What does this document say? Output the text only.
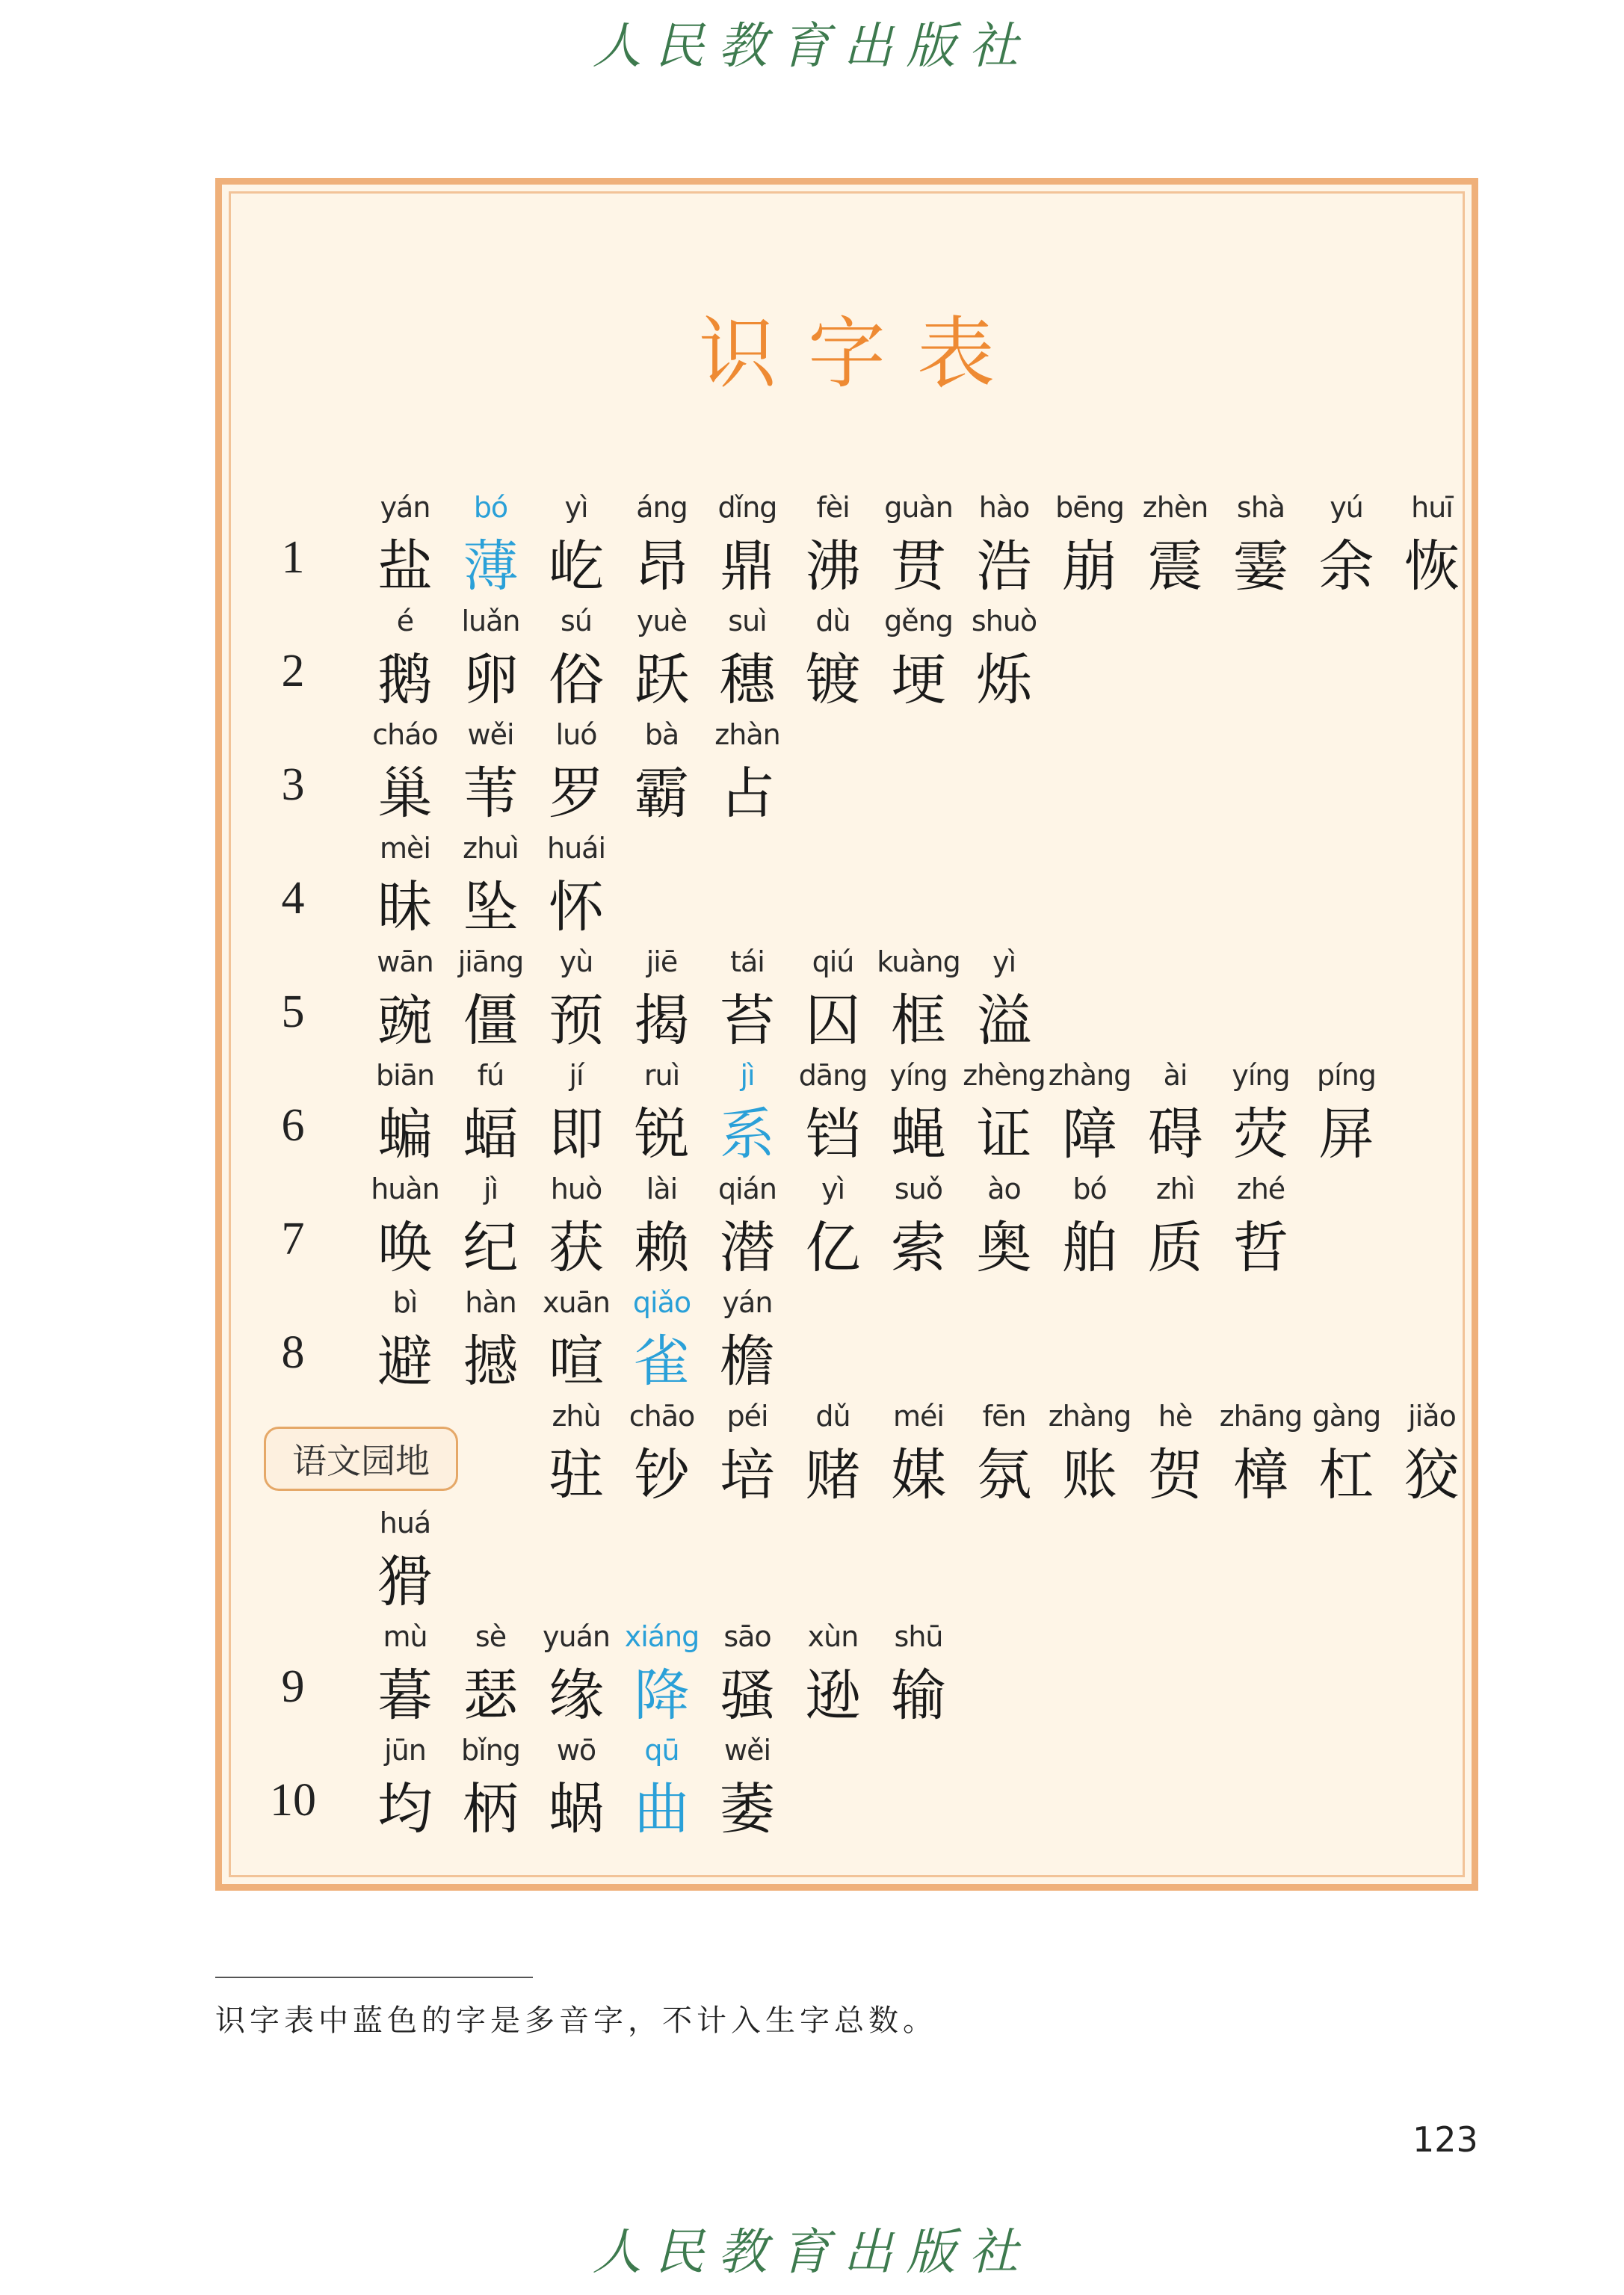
人民教育出版社
识字表
1
yán
盐
bó
薄
yì
屹
áng
昂
dǐng
鼎
fèi
沸
guàn
贯
hào
浩
bēng
崩
zhèn
震
shà
霎
yú
余
huī
恢
2
é
鹅
luǎn
卵
sú
俗
yuè
跃
suì
穗
dù
镀
gěng
埂
shuò
烁
3
cháo
巢
wěi
苇
luó
罗
bà
霸
zhàn
占
4
mèi
昧
zhuì
坠
huái
怀
5
wān
豌
jiāng
僵
yù
预
jiē
揭
tái
苔
qiú
囚
kuàng
框
yì
溢
6
biān
蝙
fú
蝠
jí
即
ruì
锐
jì
系
dāng
铛
yíng
蝇
zhèng
证
zhàng
障
ài
碍
yíng
荧
píng
屏
7
huàn
唤
jì
纪
huò
获
lài
赖
qián
潜
yì
亿
suǒ
索
ào
奥
bó
舶
zhì
质
zhé
哲
8
bì
避
hàn
撼
xuān
喧
qiǎo
雀
yán
檐
语文园地
zhù
驻
chāo
钞
péi
培
dǔ
赌
méi
媒
fēn
氛
zhàng
账
hè
贺
zhāng
樟
gàng
杠
jiǎo
狡
huá
猾
9
mù
暮
sè
瑟
yuán
缘
xiáng
降
sāo
骚
xùn
逊
shū
输
10
jūn
均
bǐng
柄
wō
蜗
qū
曲
wěi
萎
识字表中蓝色的字是多音字，不计入生字总数。
123
人民教育出版社
